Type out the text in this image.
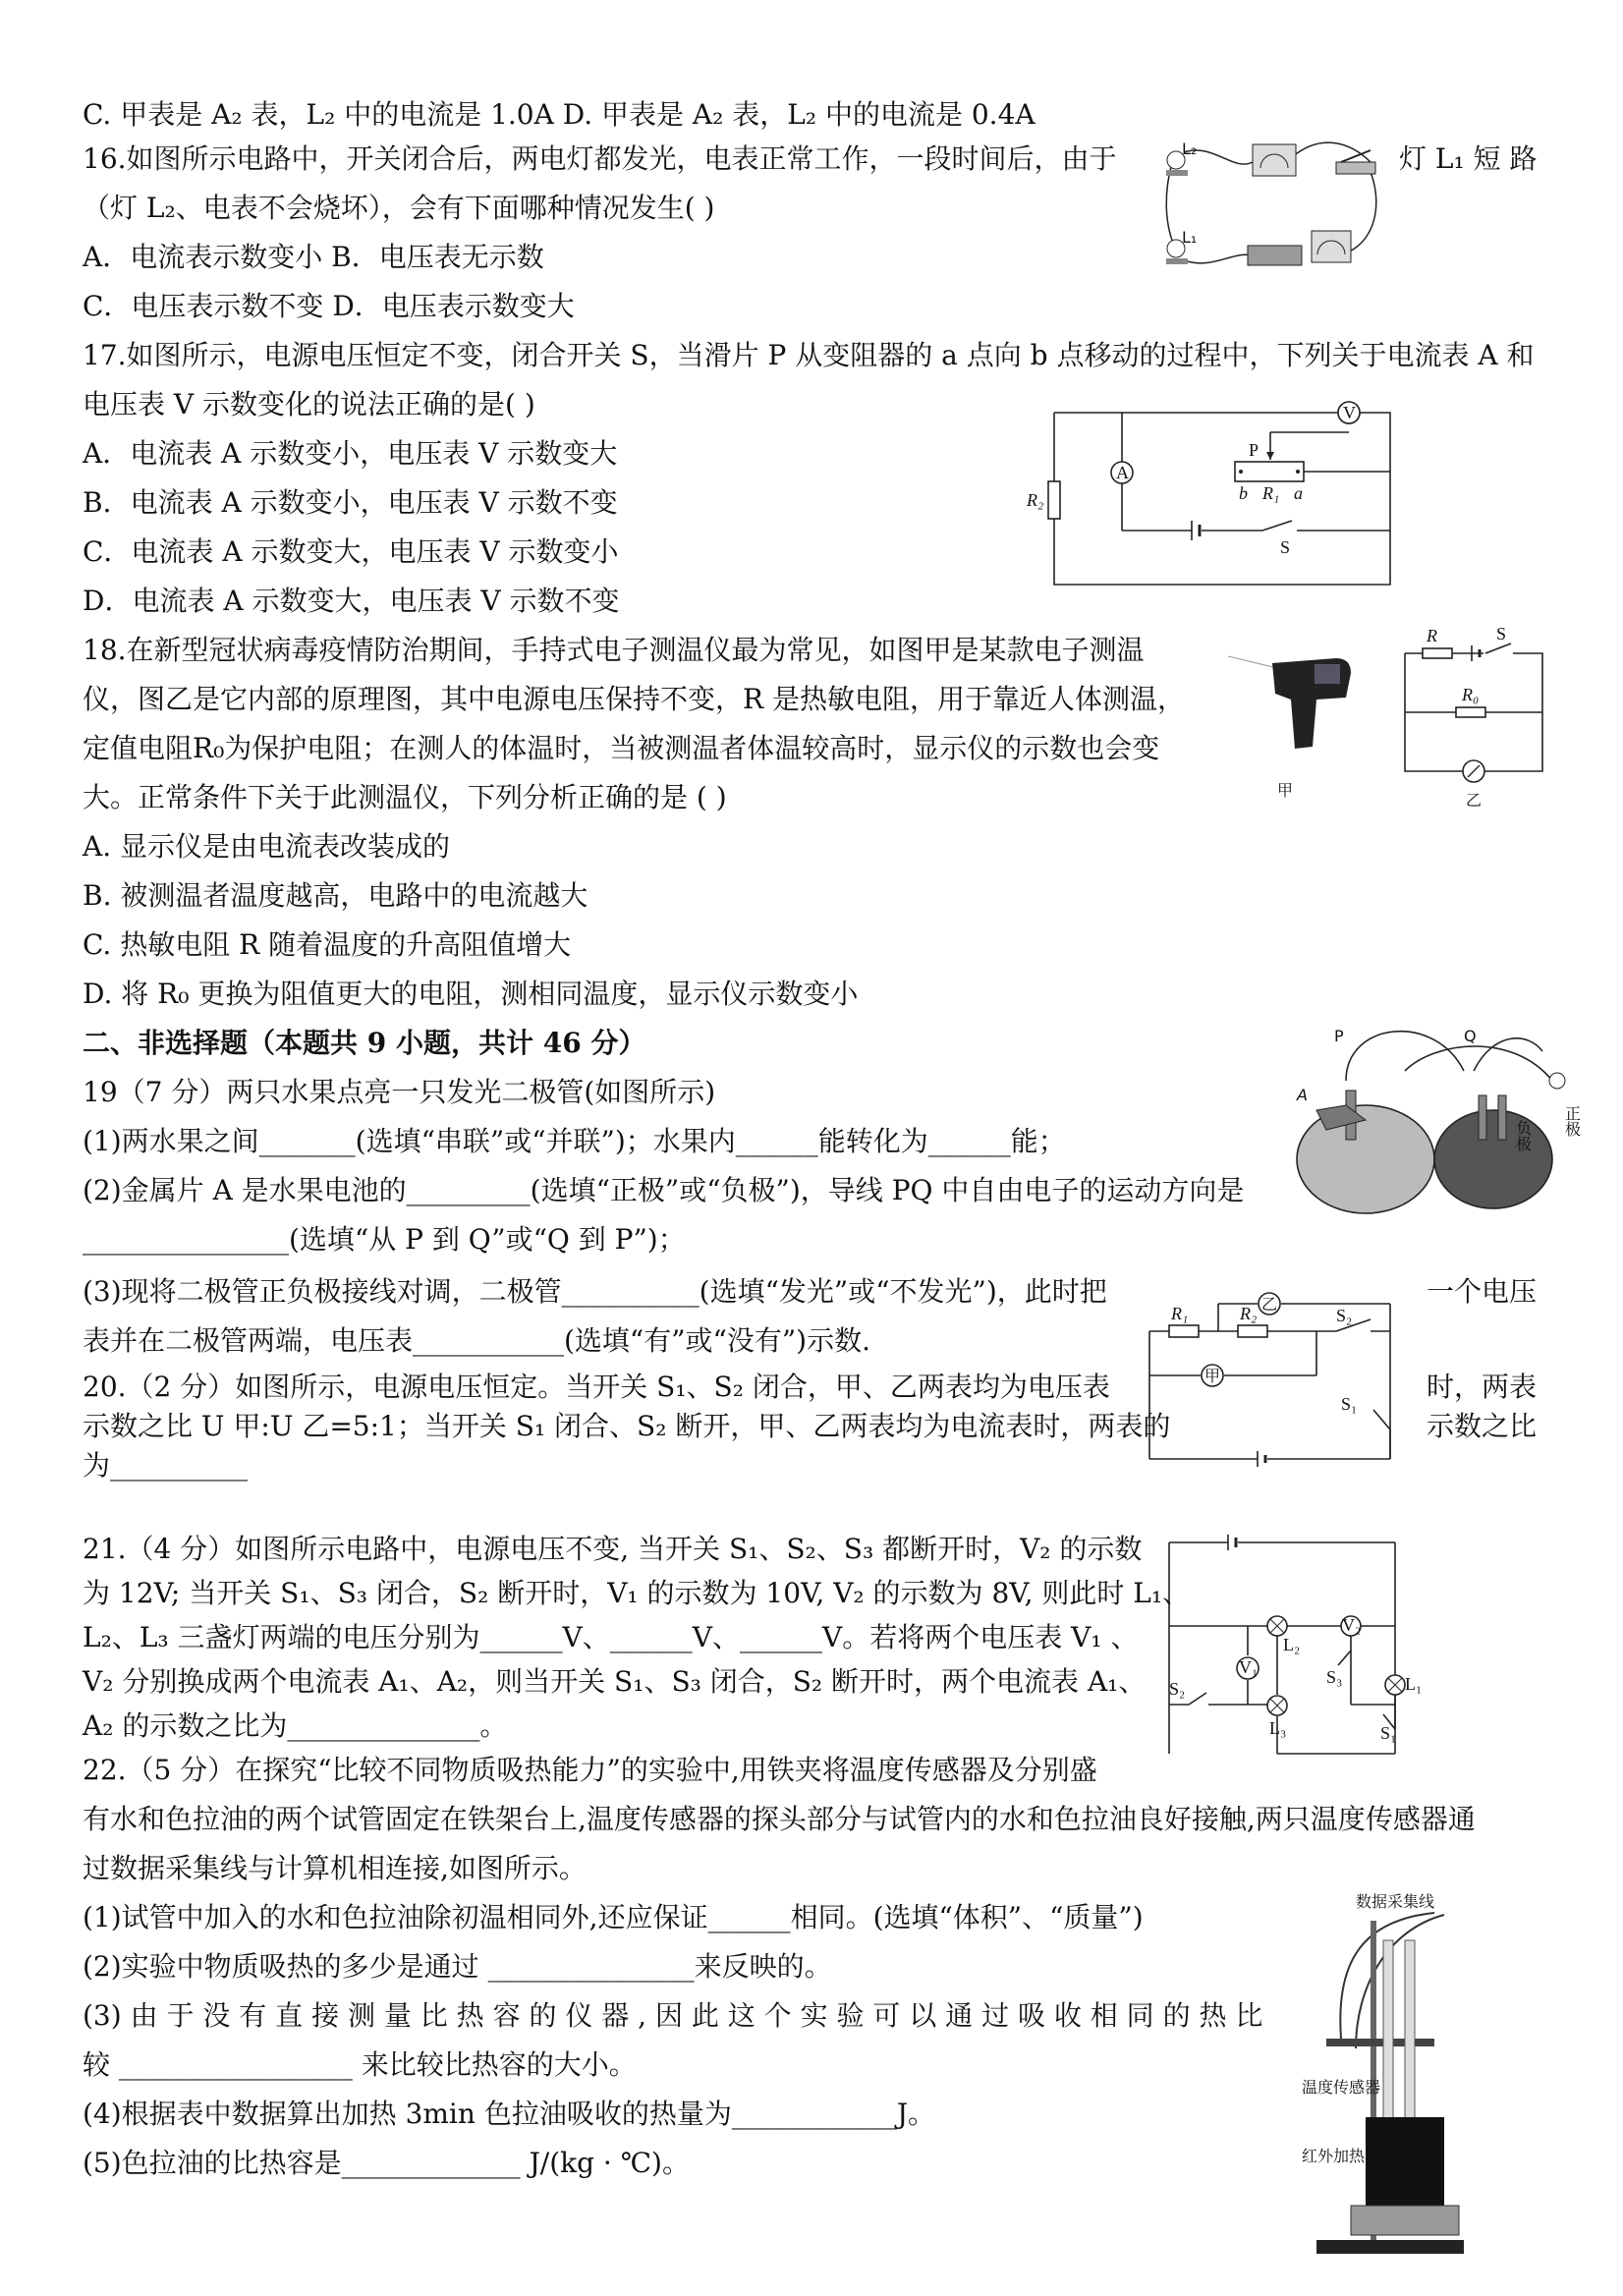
C. 甲表是 A₂ 表，L₂ 中的电流是 1.0A D. 甲表是 A₂ 表，L₂ 中的电流是 0.4A
16.如图所示电路中，开关闭合后，两电灯都发光，电表正常工作，一段时间后，由于
（灯 L₂、电表不会烧坏），会有下面哪种情况发生( )
A．电流表示数变小 B．电压表无示数
C．电压表示数不变 D．电压表示数变大
17.如图所示，电源电压恒定不变，闭合开关 S，当滑片 P 从变阻器的 a 点向 b 点移动的过程中，下列关于电流表 A 和
电压表 V 示数变化的说法正确的是( )
A．电流表 A 示数变小，电压表 V 示数变大
B．电流表 A 示数变小，电压表 V 示数不变
C．电流表 A 示数变大，电压表 V 示数变小
D．电流表 A 示数变大，电压表 V 示数不变
18.在新型冠状病毒疫情防治期间，手持式电子测温仪最为常见，如图甲是某款电子测温
仪，图乙是它内部的原理图，其中电源电压保持不变，R 是热敏电阻，用于靠近人体测温，
定值电阻R₀为保护电阻；在测人的体温时，当被测温者体温较高时，显示仪的示数也会变
大。正常条件下关于此测温仪，下列分析正确的是 ( )
A. 显示仪是由电流表改装成的
B. 被测温者温度越高，电路中的电流越大
C. 热敏电阻 R 随着温度的升高阻值增大
D. 将 R₀ 更换为阻值更大的电阻，测相同温度，显示仪示数变小
二、非选择题（本题共 9 小题，共计 46 分）
19（7 分）两只水果点亮一只发光二极管(如图所示)
(1)两水果之间_______(选填“串联”或“并联”)；水果内______能转化为______能；
(2)金属片 A 是水果电池的_________(选填“正极”或“负极”)，导线 PQ 中自由电子的运动方向是
_______________(选填“从 P 到 Q”或“Q 到 P”)；
(3)现将二极管正负极接线对调，二极管__________(选填“发光”或“不发光”)，此时把
表并在二极管两端，电压表___________(选填“有”或“没有”)示数.
20.（2 分）如图所示，电源电压恒定。当开关 S₁、S₂ 闭合，甲、乙两表均为电压表
示数之比 U 甲:U 乙=5:1；当开关 S₁ 闭合、S₂ 断开，甲、乙两表均为电流表时，两表的
为__________
21.（4 分）如图所示电路中，电源电压不变, 当开关 S₁、S₂、S₃ 都断开时，V₂ 的示数
为 12V; 当开关 S₁、S₃ 闭合，S₂ 断开时，V₁ 的示数为 10V, V₂ 的示数为 8V, 则此时 L₁、
L₂、L₃ 三盏灯两端的电压分别为______V、______V、______V。若将两个电压表 V₁ 、
V₂ 分别换成两个电流表 A₁、A₂，则当开关 S₁、S₃ 闭合，S₂ 断开时，两个电流表 A₁、
A₂ 的示数之比为______________。
22.（5 分）在探究“比较不同物质吸热能力”的实验中,用铁夹将温度传感器及分别盛
有水和色拉油的两个试管固定在铁架台上,温度传感器的探头部分与试管内的水和色拉油良好接触,两只温度传感器通
过数据采集线与计算机相连接,如图所示。
(1)试管中加入的水和色拉油除初温相同外,还应保证______相同。(选填“体积”、“质量”)
(2)实验中物质吸热的多少是通过 _______________来反映的。
(3) 由 于 没 有 直 接 测 量 比 热 容 的 仪 器 , 因 此 这 个 实 验 可 以 通 过 吸 收 相 同 的 热 比
较 _________________ 来比较比热容的大小。
(4)根据表中数据算出加热 3min 色拉油吸收的热量为____________J。
(5)色拉油的比热容是_____________ J/(kg · ℃)。
灯 L₁ 短 路
一个电压
时，两表
示数之比
L₂
L₁
V
A
P
b R₁ a
R₂
S
甲
R	S
R₀
乙
P	Q
A
负极 正极
R₁	R₂ 乙
甲
S₂
S₁
L₂
V₂
V₁
L₁
L₃
S₂
S₃
S₁
数据采集线
温度传感器
红外加热器
